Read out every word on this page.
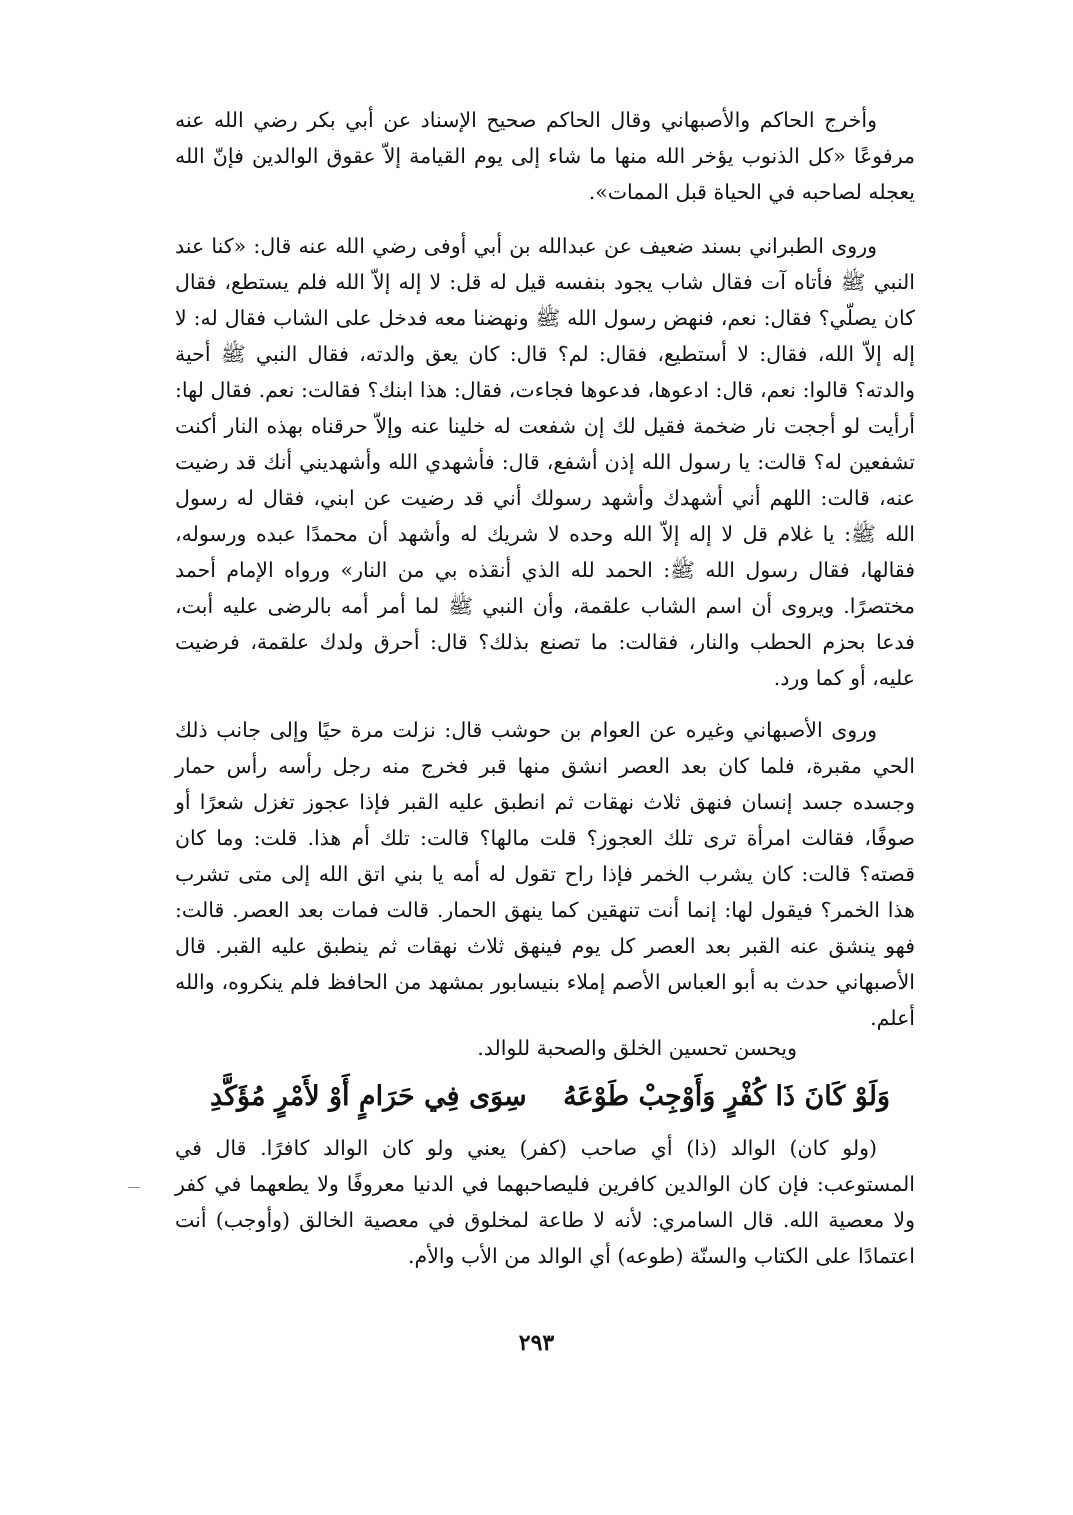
وأخرج الحاكم والأصبهاني وقال الحاكم صحيح الإسناد عن أبي بكر رضي الله عنه مرفوعًا «كل الذنوب يؤخر الله منها ما شاء إلى يوم القيامة إلاّ عقوق الوالدين فإنّ الله يعجله لصاحبه في الحياة قبل الممات».

وروى الطبراني بسند ضعيف عن عبدالله بن أبي أوفى رضي الله عنه قال: «كنا عند النبي ﷺ فأتاه آت فقال شاب يجود بنفسه قيل له قل: لا إله إلاّ الله فلم يستطع، فقال كان يصلّي؟ فقال: نعم، فنهض رسول الله ﷺ ونهضنا معه فدخل على الشاب فقال له: لا إله إلاّ الله، فقال: لا أستطيع، فقال: لم؟ قال: كان يعق والدته، فقال النبي ﷺ أحية والدته؟ قالوا: نعم، قال: ادعوها، فدعوها فجاءت، فقال: هذا ابنك؟ فقالت: نعم. فقال لها: أرأيت لو أججت نار ضخمة فقيل لك إن شفعت له خلينا عنه وإلاّ حرقناه بهذه النار أكنت تشفعين له؟ قالت: يا رسول الله إذن أشفع، قال: فأشهدي الله وأشهديني أنك قد رضيت عنه، قالت: اللهم أني أشهدك وأشهد رسولك أني قد رضيت عن ابني، فقال له رسول الله ﷺ: يا غلام قل لا إله إلاّ الله وحده لا شريك له وأشهد أن محمدًا عبده ورسوله، فقالها، فقال رسول الله ﷺ: الحمد لله الذي أنقذه بي من النار» ورواه الإمام أحمد مختصرًا. ويروى أن اسم الشاب علقمة، وأن النبي ﷺ لما أمر أمه بالرضى عليه أبت، فدعا بحزم الحطب والنار، فقالت: ما تصنع بذلك؟ قال: أحرق ولدك علقمة، فرضيت عليه، أو كما ورد.

وروى الأصبهاني وغيره عن العوام بن حوشب قال: نزلت مرة حيًا وإلى جانب ذلك الحي مقبرة، فلما كان بعد العصر انشق منها قبر فخرج منه رجل رأسه رأس حمار وجسده جسد إنسان فنهق ثلاث نهقات ثم انطبق عليه القبر فإذا عجوز تغزل شعرًا أو صوفًا، فقالت امرأة ترى تلك العجوز؟ قلت مالها؟ قالت: تلك أم هذا. قلت: وما كان قصته؟ قالت: كان يشرب الخمر فإذا راح تقول له أمه يا بني اتق الله إلى متى تشرب هذا الخمر؟ فيقول لها: إنما أنت تنهقين كما ينهق الحمار. قالت فمات بعد العصر. قالت: فهو ينشق عنه القبر بعد العصر كل يوم فينهق ثلاث نهقات ثم ينطبق عليه القبر. قال الأصبهاني حدث به أبو العباس الأصم إملاء بنيسابور بمشهد من الحافظ فلم ينكروه، والله أعلم.

ويحسن تحسين الخلق والصحبة للوالد.
وَلَوْ كَانَ ذَا كُفْرٍ وَأَوْجِبْ طَوْعَهُ
سِوَى فِي حَرَامٍ أَوْ لأَمْرٍ مُؤَكَّدِ

(ولو كان) الوالد (ذا) أي صاحب (كفر) يعني ولو كان الوالد كافرًا. قال في المستوعب: فإن كان الوالدين كافرين فليصاحبهما في الدنيا معروفًا ولا يطعهما في كفر ولا معصية الله. قال السامري: لأنه لا طاعة لمخلوق في معصية الخالق (وأوجب) أنت اعتمادًا على الكتاب والسنّة (طوعه) أي الوالد من الأب والأم.

٢٩٣
